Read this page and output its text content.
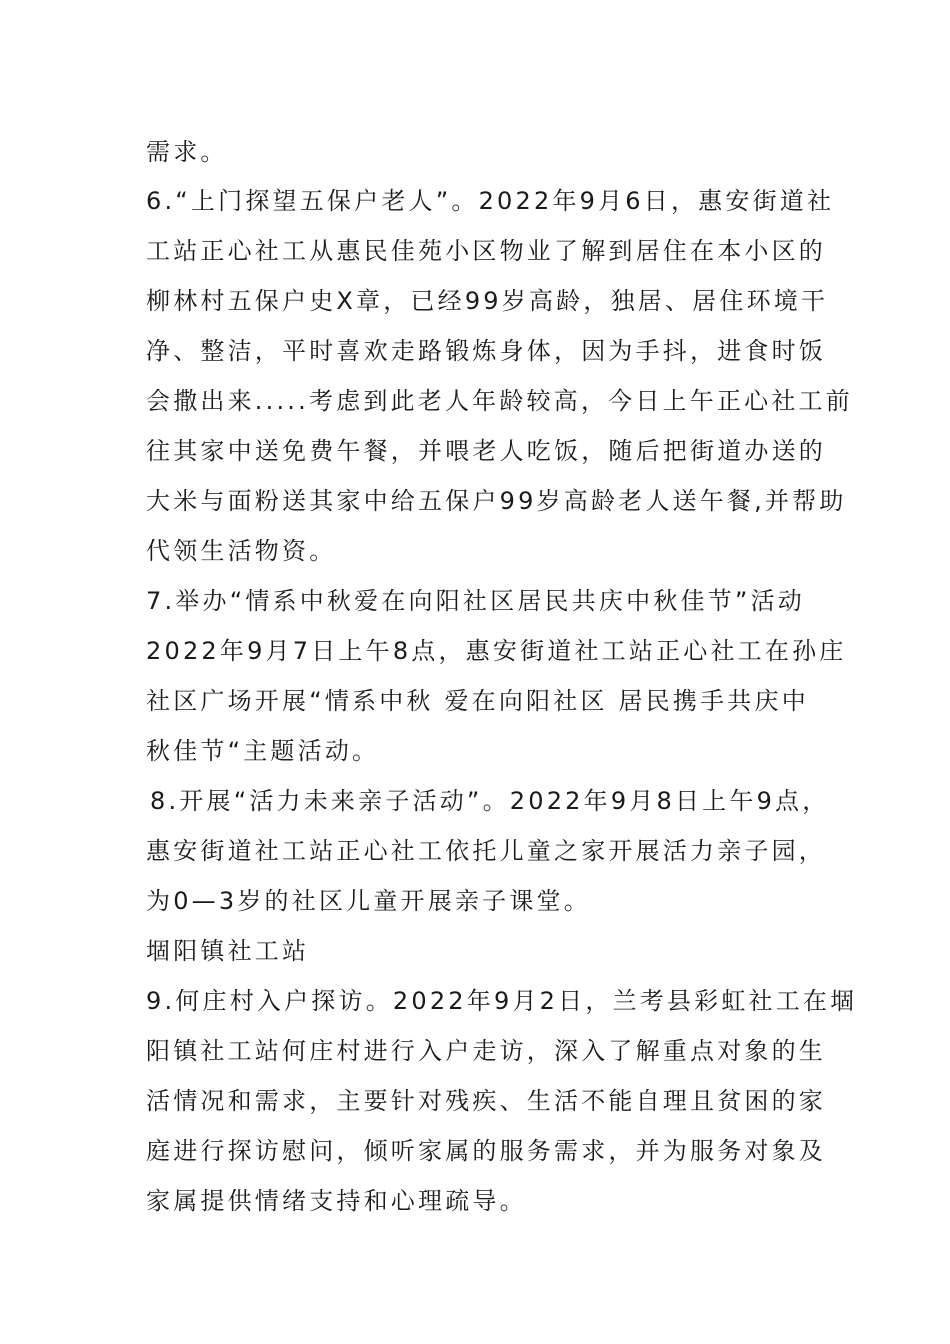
需求。
6.“上门探望五保户老人”。2022年9月6日，惠安街道社
工站正心社工从惠民佳苑小区物业了解到居住在本小区的
柳林村五保户史X章，已经99岁高龄，独居、居住环境干
净、整洁，平时喜欢走路锻炼身体，因为手抖，进食时饭
会撒出来.....考虑到此老人年龄较高，今日上午正心社工前
往其家中送免费午餐，并喂老人吃饭，随后把街道办送的
大米与面粉送其家中给五保户99岁高龄老人送午餐,并帮助
代领生活物资。
7.举办“情系中秋爱在向阳社区居民共庆中秋佳节”活动
2022年9月7日上午8点，惠安街道社工站正心社工在孙庄
社区广场开展“情系中秋 爱在向阳社区 居民携手共庆中
秋佳节“主题活动。
8.开展“活力未来亲子活动”。2022年9月8日上午9点，
惠安街道社工站正心社工依托儿童之家开展活力亲子园，
为0—3岁的社区儿童开展亲子课堂。
堌阳镇社工站
9.何庄村入户探访。2022年9月2日，兰考县彩虹社工在堌
阳镇社工站何庄村进行入户走访，深入了解重点对象的生
活情况和需求，主要针对残疾、生活不能自理且贫困的家
庭进行探访慰问，倾听家属的服务需求，并为服务对象及
家属提供情绪支持和心理疏导。
